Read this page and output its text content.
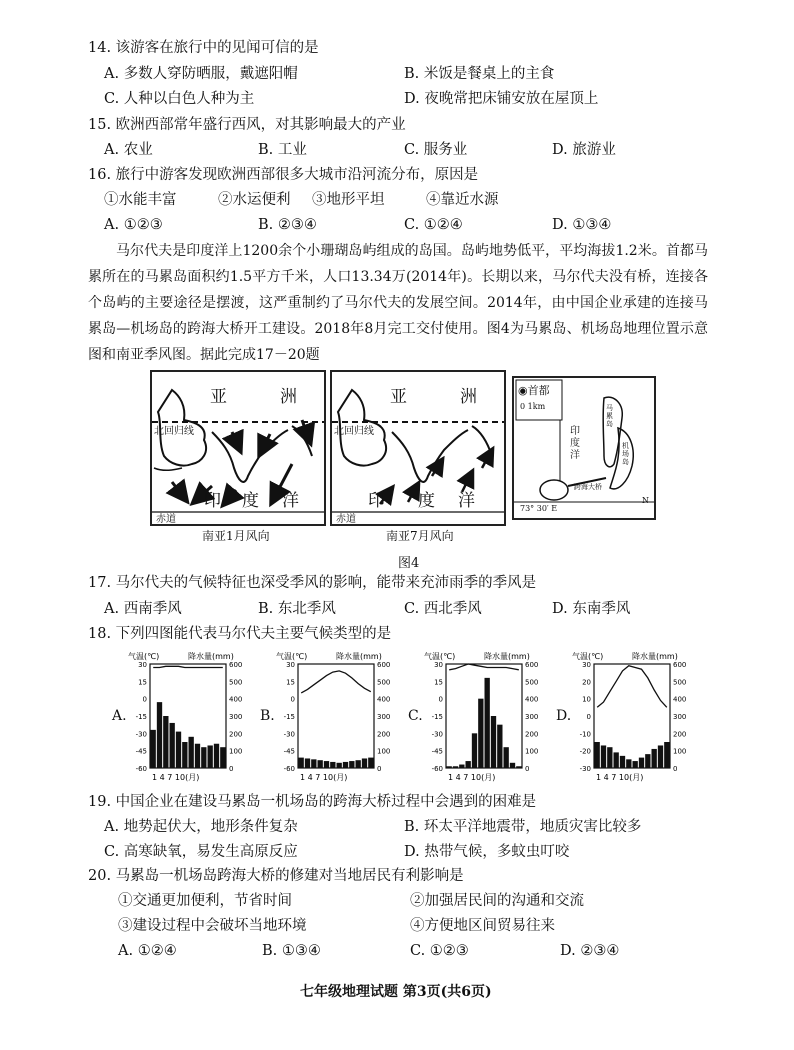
14. 该游客在旅行中的见闻可信的是
A. 多数人穿防晒服，戴遮阳帽	B. 米饭是餐桌上的主食
C. 人种以白色人种为主	D. 夜晚常把床铺安放在屋顶上
15. 欧洲西部常年盛行西风，对其影响最大的产业
A. 农业	B. 工业	C. 服务业	D. 旅游业
16. 旅行中游客发现欧洲西部很多大城市沿河流分布，原因是
①水能丰富	②水运便利 ③地形平坦	④靠近水源
A. ①②③	B. ②③④	C. ①②④	D. ①③④
马尔代夫是印度洋上1200余个小珊瑚岛屿组成的岛国。岛屿地势低平，平均海拔1.2米。首都马累所在的马累岛面积约1.5平方千米，人口13.34万(2014年)。长期以来，马尔代夫没有桥，连接各个岛屿的主要途径是摆渡，这严重制约了马尔代夫的发展空间。2014年，由中国企业承建的连接马累岛—机场岛的跨海大桥开工建设。2018年8月完工交付使用。图4为马累岛、机场岛地理位置示意图和南亚季风图。据此完成17－20题
亚	洲
北回归线
印 度 洋
赤道
南亚1月风向
亚	洲
北回归线
印 度 洋
赤道
南亚7月风向
◉首都
0 1km
印度洋
马累岛
机场岛
跨海大桥
73° 30′ E
N
图4
17. 马尔代夫的气候特征也深受季风的影响，能带来充沛雨季的季风是
A. 西南季风	B. 东北季风	C. 西北季风	D. 东南季风
18. 下列四图能代表马尔代夫主要气候类型的是
A.	B.	C.	D.
气温(℃)	降水量(mm)
30
15
0
-15
-30
-45
-60
600
500
400
300
200
100
0
1 4 7 10(月)
气温(℃)	降水量(mm)
30
15
0
-15
-30
-45
-60
600
500
400
300
200
100
0
1 4 7 10(月)
气温(℃)	降水量(mm)
30
15
0
-15
-30
-45
-60
600
500
400
300
200
100
0
1 4 7 10(月)
气温(℃)	降水量(mm)
30
20
10
0
-10
-20
-30
600
500
400
300
200
100
0
1 4 7 10(月)
19. 中国企业在建设马累岛一机场岛的跨海大桥过程中会遇到的困难是
A. 地势起伏大，地形条件复杂	B. 环太平洋地震带，地质灾害比较多
C. 高寒缺氧，易发生高原反应	D. 热带气候，多蚊虫叮咬
20. 马累岛一机场岛跨海大桥的修建对当地居民有利影响是
①交通更加便利，节省时间	②加强居民间的沟通和交流
③建设过程中会破坏当地环境	④方便地区间贸易往来
A. ①②④	B. ①③④	C. ①②③	D. ②③④
七年级地理试题 第3页(共6页)
